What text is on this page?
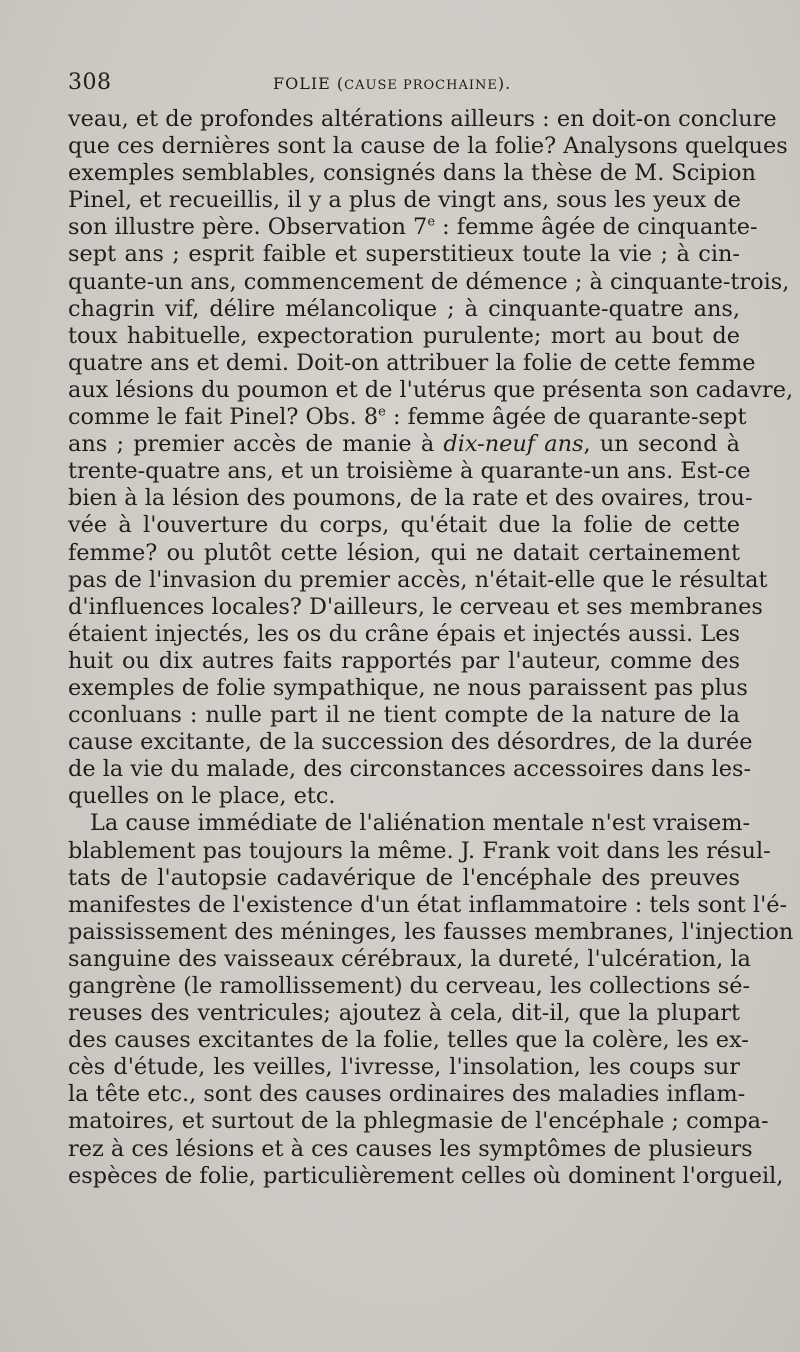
308	FOLIE (CAUSE PROCHAINE).
veau, et de profondes altérations ailleurs : en doit-on conclure
que ces dernières sont la cause de la folie? Analysons quelques
exemples semblables, consignés dans la thèse de M. Scipion
Pinel, et recueillis, il y a plus de vingt ans, sous les yeux de
son illustre père. Observation 7e : femme âgée de cinquante-
sept ans ; esprit faible et superstitieux toute la vie ; à cin-
quante-un ans, commencement de démence ; à cinquante-trois,
chagrin vif, délire mélancolique ; à cinquante-quatre ans,
toux habituelle, expectoration purulente; mort au bout de
quatre ans et demi. Doit-on attribuer la folie de cette femme
aux lésions du poumon et de l'utérus que présenta son cadavre,
comme le fait Pinel? Obs. 8e : femme âgée de quarante-sept
ans ; premier accès de manie à dix-neuf ans, un second à
trente-quatre ans, et un troisième à quarante-un ans. Est-ce
bien à la lésion des poumons, de la rate et des ovaires, trou-
vée à l'ouverture du corps, qu'était due la folie de cette
femme? ou plutôt cette lésion, qui ne datait certainement
pas de l'invasion du premier accès, n'était-elle que le résultat
d'influences locales? D'ailleurs, le cerveau et ses membranes
étaient injectés, les os du crâne épais et injectés aussi. Les
huit ou dix autres faits rapportés par l'auteur, comme des
exemples de folie sympathique, ne nous paraissent pas plus
cconluans : nulle part il ne tient compte de la nature de la
cause excitante, de la succession des désordres, de la durée
de la vie du malade, des circonstances accessoires dans les-
quelles on le place, etc.
La cause immédiate de l'aliénation mentale n'est vraisem-
blablement pas toujours la même. J. Frank voit dans les résul-
tats de l'autopsie cadavérique de l'encéphale des preuves
manifestes de l'existence d'un état inflammatoire : tels sont l'é-
paississement des méninges, les fausses membranes, l'injection
sanguine des vaisseaux cérébraux, la dureté, l'ulcération, la
gangrène (le ramollissement) du cerveau, les collections sé-
reuses des ventricules; ajoutez à cela, dit-il, que la plupart
des causes excitantes de la folie, telles que la colère, les ex-
cès d'étude, les veilles, l'ivresse, l'insolation, les coups sur
la tête etc., sont des causes ordinaires des maladies inflam-
matoires, et surtout de la phlegmasie de l'encéphale ; compa-
rez à ces lésions et à ces causes les symptômes de plusieurs
espèces de folie, particulièrement celles où dominent l'orgueil,
